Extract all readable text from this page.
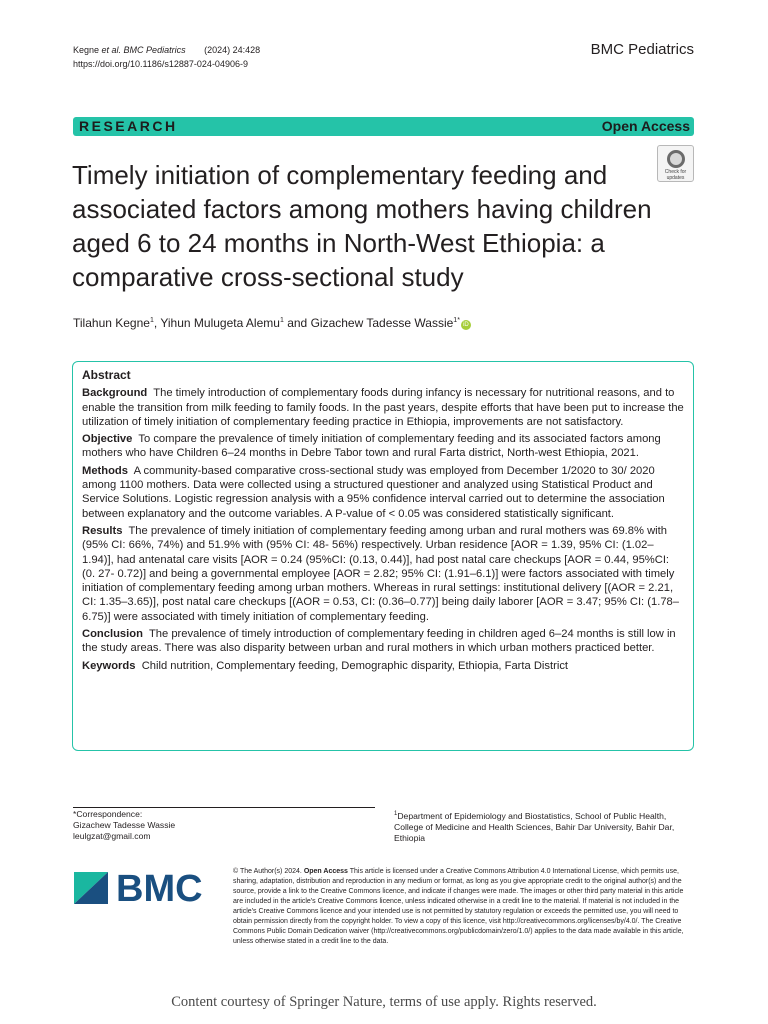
Kegne et al. BMC Pediatrics (2024) 24:428
https://doi.org/10.1186/s12887-024-04906-9
BMC Pediatrics
RESEARCH	Open Access
Timely initiation of complementary feeding and associated factors among mothers having children aged 6 to 24 months in North-West Ethiopia: a comparative cross-sectional study
Check for updates
Tilahun Kegne$^1$, Yihun Mulugeta Alemu$^1$ and Gizachew Tadesse Wassie$^{1*}$iD
Abstract

Background The timely introduction of complementary foods during infancy is necessary for nutritional reasons, and to enable the transition from milk feeding to family foods. In the past years, despite efforts that have been put to increase the utilization of timely initiation of complementary feeding practice in Ethiopia, improvements are not satisfactory.

Objective To compare the prevalence of timely initiation of complementary feeding and its associated factors among mothers who have Children 6–24 months in Debre Tabor town and rural Farta district, North-west Ethiopia, 2021.

Methods A community-based comparative cross-sectional study was employed from December 1/2020 to 30/ 2020 among 1100 mothers. Data were collected using a structured questioner and analyzed using Statistical Product and Service Solutions. Logistic regression analysis with a 95% confidence interval carried out to determine the association between explanatory and the outcome variables. A P-value of < 0.05 was considered statistically significant.

Results The prevalence of timely initiation of complementary feeding among urban and rural mothers was 69.8% with (95% CI: 66%, 74%) and 51.9% with (95% CI: 48- 56%) respectively. Urban residence [AOR = 1.39, 95% CI: (1.02–1.94)], had antenatal care visits [AOR = 0.24 (95%CI: (0.13, 0.44)], had post natal care checkups [AOR = 0.44, 95%CI: (0. 27- 0.72)] and being a governmental employee [AOR = 2.82; 95% CI: (1.91–6.1)] were factors associated with timely initiation of complementary feeding among urban mothers. Whereas in rural settings: institutional delivery [(AOR = 2.21, CI: 1.35–3.65)], post natal care checkups [(AOR = 0.53, CI: (0.36–0.77)] being daily laborer [AOR = 3.47; 95% CI: (1.78–6.75)] were associated with timely initiation of complementary feeding.

Conclusion The prevalence of timely introduction of complementary feeding in children aged 6–24 months is still low in the study areas. There was also disparity between urban and rural mothers in which urban mothers practiced better.

Keywords Child nutrition, Complementary feeding, Demographic disparity, Ethiopia, Farta District

*Correspondence:
Gizachew Tadesse Wassie
leulgzat@gmail.com
$^1$Department of Epidemiology and Biostatistics, School of Public Health, College of Medicine and Health Sciences, Bahir Dar University, Bahir Dar, Ethiopia
BMC	© The Author(s) 2024. Open Access This article is licensed under a Creative Commons Attribution 4.0 International License, which permits use, sharing, adaptation, distribution and reproduction in any medium or format, as long as you give appropriate credit to the original author(s) and the source, provide a link to the Creative Commons licence, and indicate if changes were made. The images or other third party material in this article are included in the article's Creative Commons licence, unless indicated otherwise in a credit line to the material. If material is not included in the article's Creative Commons licence and your intended use is not permitted by statutory regulation or exceeds the permitted use, you will need to obtain permission directly from the copyright holder. To view a copy of this licence, visit http://creativecommons.org/licenses/by/4.0/. The Creative Commons Public Domain Dedication waiver (http://creativecommons.org/publicdomain/zero/1.0/) applies to the data made available in this article, unless otherwise stated in a credit line to the data.
Content courtesy of Springer Nature, terms of use apply. Rights reserved.
